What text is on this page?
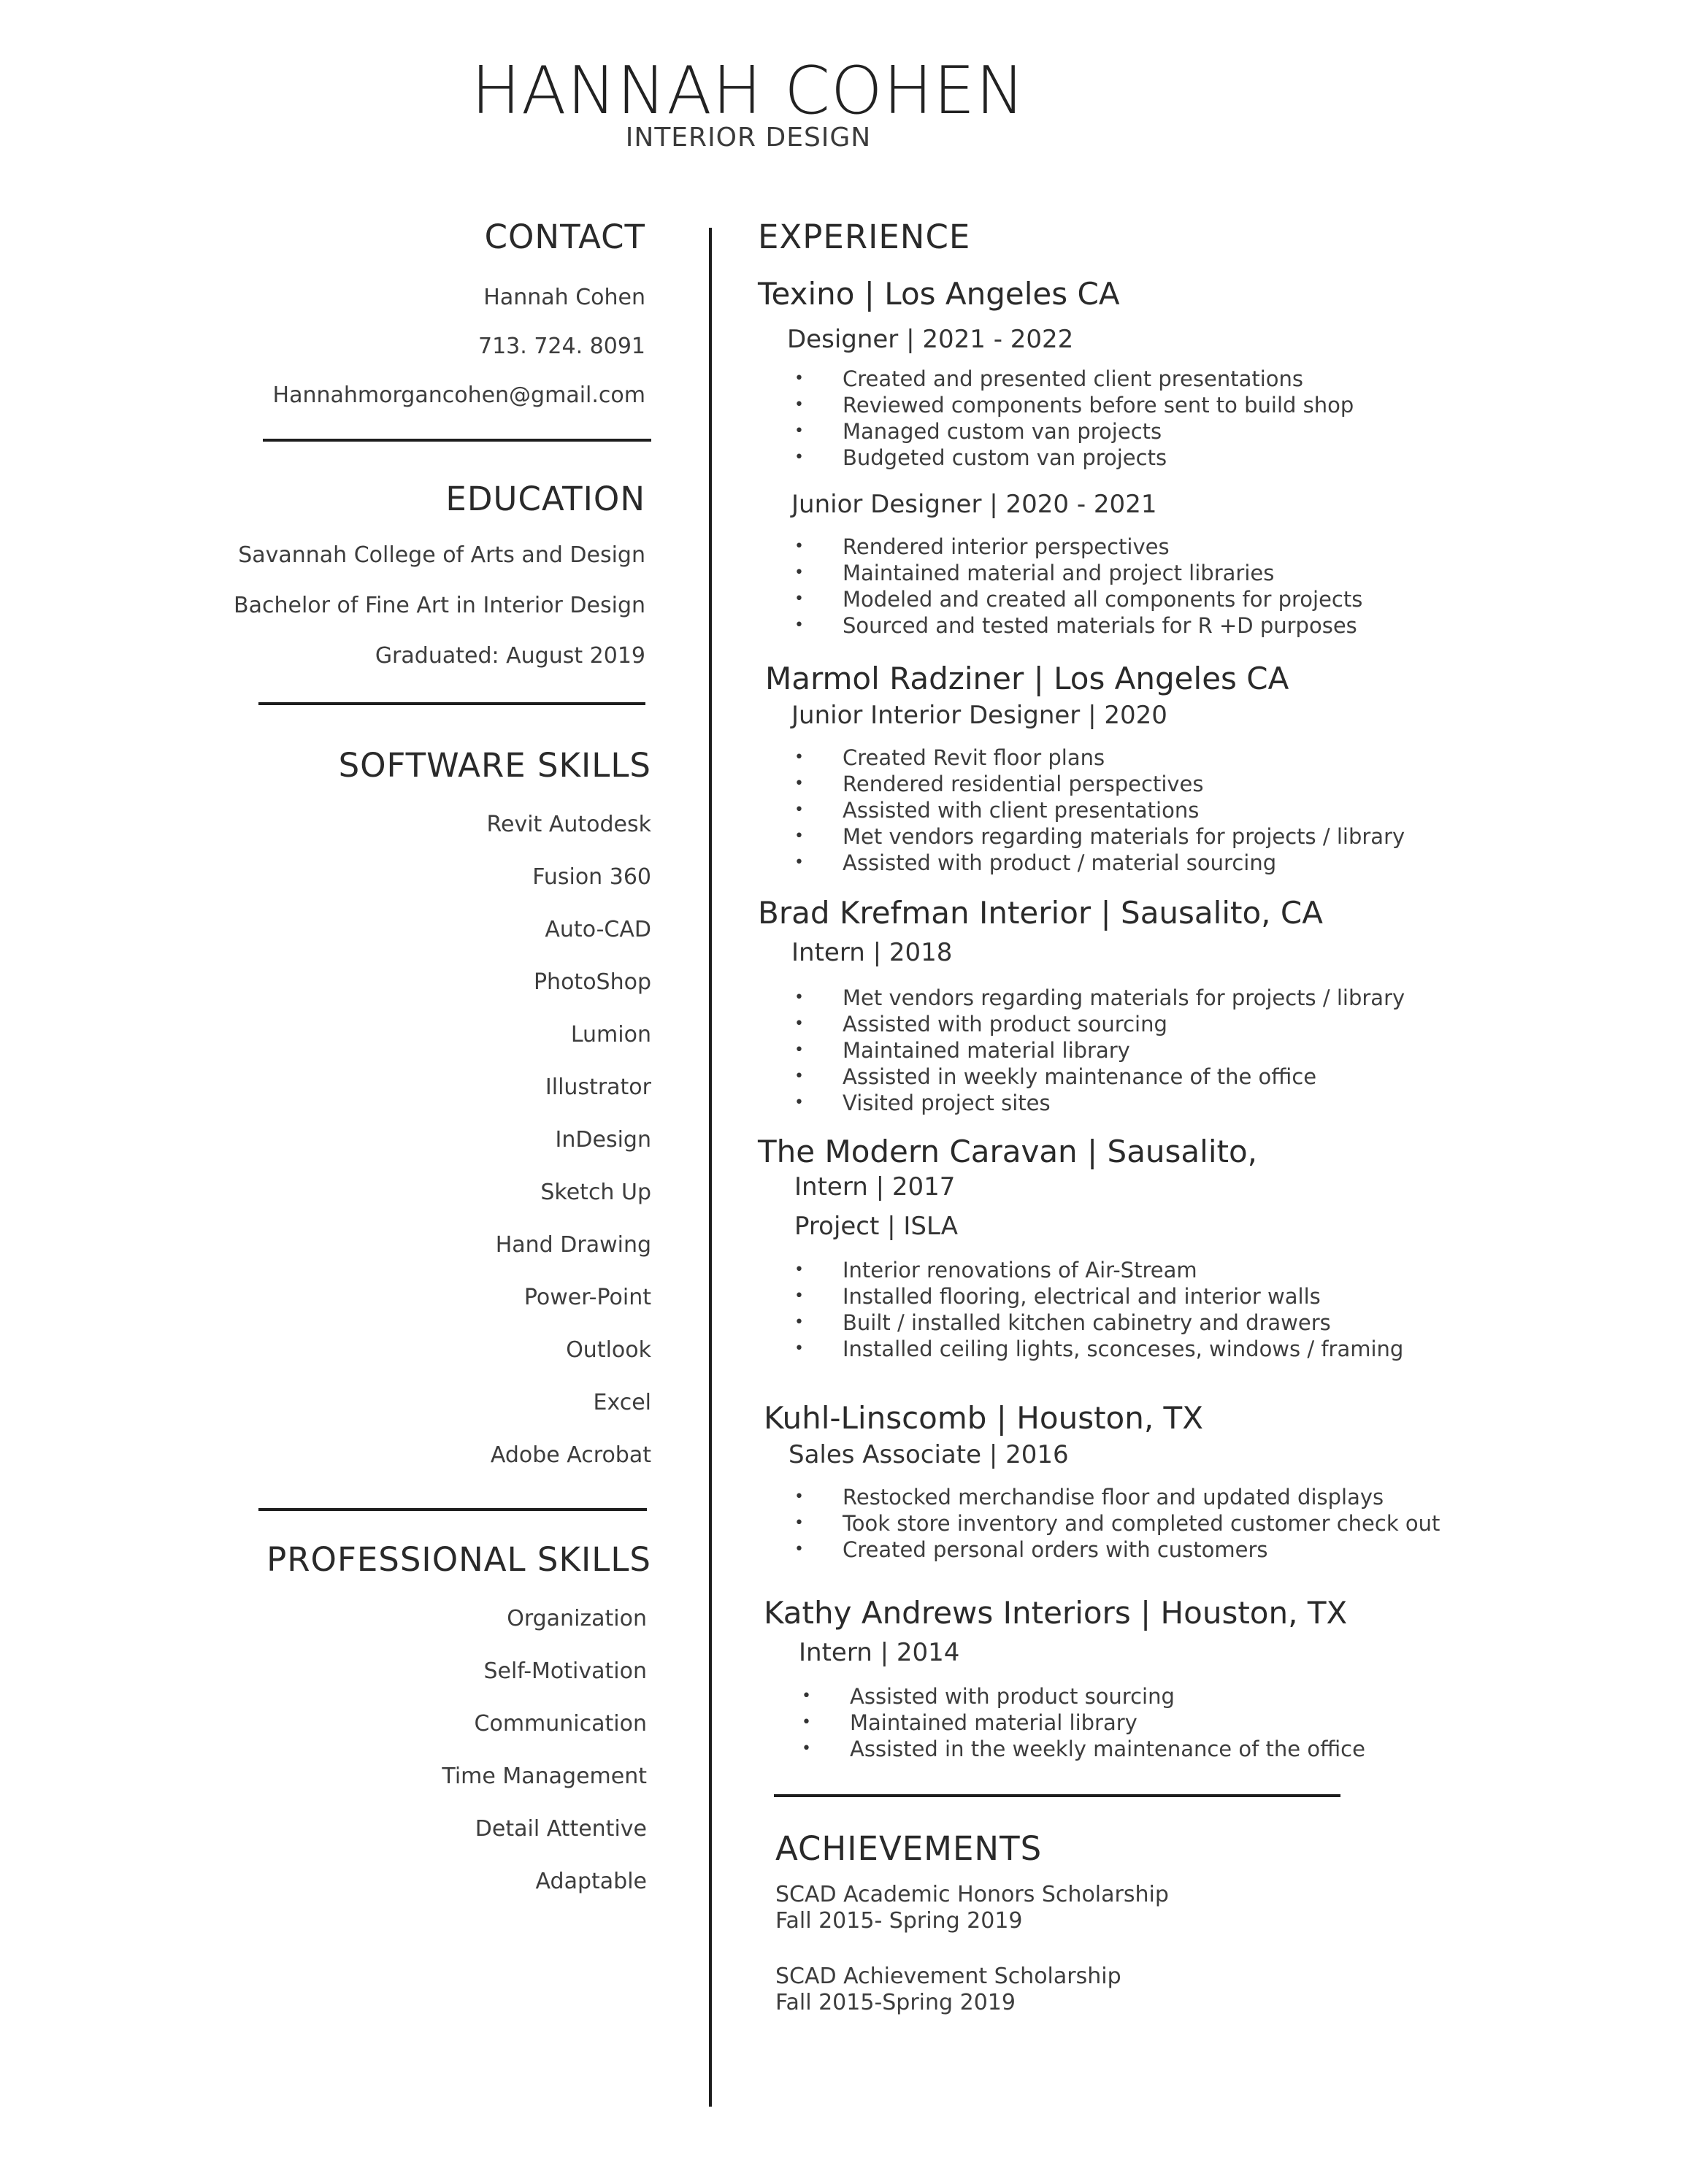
HANNAH COHEN
INTERIOR DESIGN
CONTACT
Hannah Cohen
713. 724. 8091
Hannahmorgancohen@gmail.com
EDUCATION
Savannah College of Arts and Design
Bachelor of Fine Art in Interior Design
Graduated: August 2019
SOFTWARE SKILLS
Revit Autodesk
Fusion 360
Auto-CAD
PhotoShop
Lumion
Illustrator
InDesign
Sketch Up
Hand Drawing
Power-Point
Outlook
Excel
Adobe Acrobat
PROFESSIONAL SKILLS
Organization
Self-Motivation
Communication
Time Management
Detail Attentive
Adaptable
EXPERIENCE
Texino | Los Angeles CA
Designer | 2021 - 2022
• Created and presented client presentations
• Reviewed components before sent to build shop
• Managed custom van projects
• Budgeted custom van projects
Junior Designer | 2020 - 2021
• Rendered interior perspectives
• Maintained material and project libraries
• Modeled and created all components for projects
• Sourced and tested materials for R +D purposes
Marmol Radziner | Los Angeles CA
Junior Interior Designer | 2020
• Created Revit floor plans
• Rendered residential perspectives
• Assisted with client presentations
• Met vendors regarding materials for projects / library
• Assisted with product / material sourcing
Brad Krefman Interior | Sausalito, CA
Intern | 2018
• Met vendors regarding materials for projects / library
• Assisted with product sourcing
• Maintained material library
• Assisted in weekly maintenance of the office
• Visited project sites
The Modern Caravan | Sausalito,
Intern | 2017
Project | ISLA
• Interior renovations of Air-Stream
• Installed flooring, electrical and interior walls
• Built / installed kitchen cabinetry and drawers
• Installed ceiling lights, sconceses, windows / framing
Kuhl-Linscomb | Houston, TX
Sales Associate | 2016
• Restocked merchandise floor and updated displays
• Took store inventory and completed customer check out
• Created personal orders with customers
Kathy Andrews Interiors | Houston, TX
Intern | 2014
• Assisted with product sourcing
• Maintained material library
• Assisted in the weekly maintenance of the office
ACHIEVEMENTS
SCAD Academic Honors Scholarship
Fall 2015- Spring 2019
SCAD Achievement Scholarship
Fall 2015-Spring 2019
